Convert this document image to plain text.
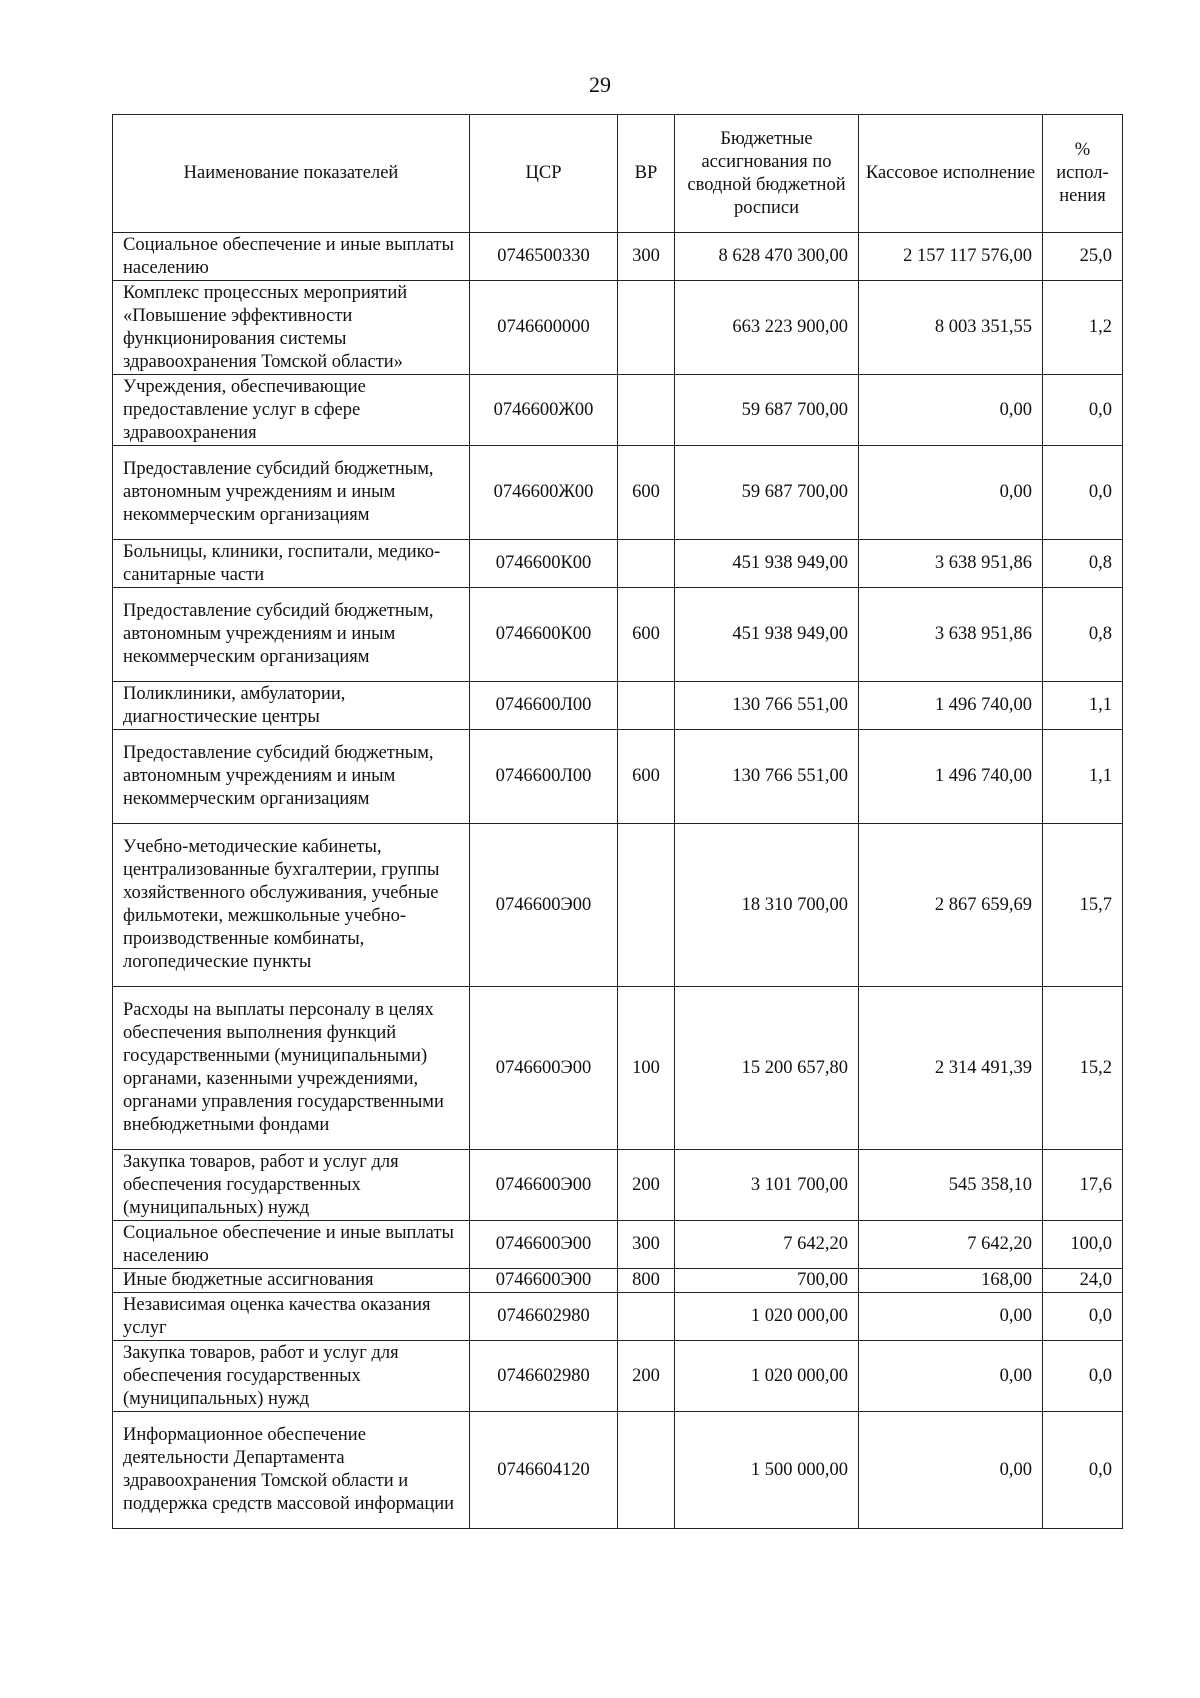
29
Наименование показателей	ЦСР	ВР	Бюджетные ассигнования по сводной бюджетной росписи	Кассовое исполнение	% испол-нения
Социальное обеспечение и иные выплаты населению	0746500330	300	8 628 470 300,00	2 157 117 576,00	25,0
Комплекс процессных мероприятий «Повышение эффективности функционирования системы здравоохранения Томской области»	0746600000		663 223 900,00	8 003 351,55	1,2
Учреждения, обеспечивающие предоставление услуг в сфере здравоохранения	0746600Ж00		59 687 700,00	0,00	0,0
Предоставление субсидий бюджетным, автономным учреждениям и иным некоммерческим организациям	0746600Ж00	600	59 687 700,00	0,00	0,0
Больницы, клиники, госпитали, медико-санитарные части	0746600К00		451 938 949,00	3 638 951,86	0,8
Предоставление субсидий бюджетным, автономным учреждениям и иным некоммерческим организациям	0746600К00	600	451 938 949,00	3 638 951,86	0,8
Поликлиники, амбулатории, диагностические центры	0746600Л00		130 766 551,00	1 496 740,00	1,1
Предоставление субсидий бюджетным, автономным учреждениям и иным некоммерческим организациям	0746600Л00	600	130 766 551,00	1 496 740,00	1,1
Учебно-методические кабинеты, централизованные бухгалтерии, группы хозяйственного обслуживания, учебные фильмотеки, межшкольные учебно-производственные комбинаты, логопедические пункты	0746600Э00		18 310 700,00	2 867 659,69	15,7
Расходы на выплаты персоналу в целях обеспечения выполнения функций государственными (муниципальными) органами, казенными учреждениями, органами управления государственными внебюджетными фондами	0746600Э00	100	15 200 657,80	2 314 491,39	15,2
Закупка товаров, работ и услуг для обеспечения государственных (муниципальных) нужд	0746600Э00	200	3 101 700,00	545 358,10	17,6
Социальное обеспечение и иные выплаты населению	0746600Э00	300	7 642,20	7 642,20	100,0
Иные бюджетные ассигнования	0746600Э00	800	700,00	168,00	24,0
Независимая оценка качества оказания услуг	0746602980		1 020 000,00	0,00	0,0
Закупка товаров, работ и услуг для обеспечения государственных (муниципальных) нужд	0746602980	200	1 020 000,00	0,00	0,0
Информационное обеспечение деятельности Департамента здравоохранения Томской области и поддержка средств массовой информации	0746604120		1 500 000,00	0,00	0,0
